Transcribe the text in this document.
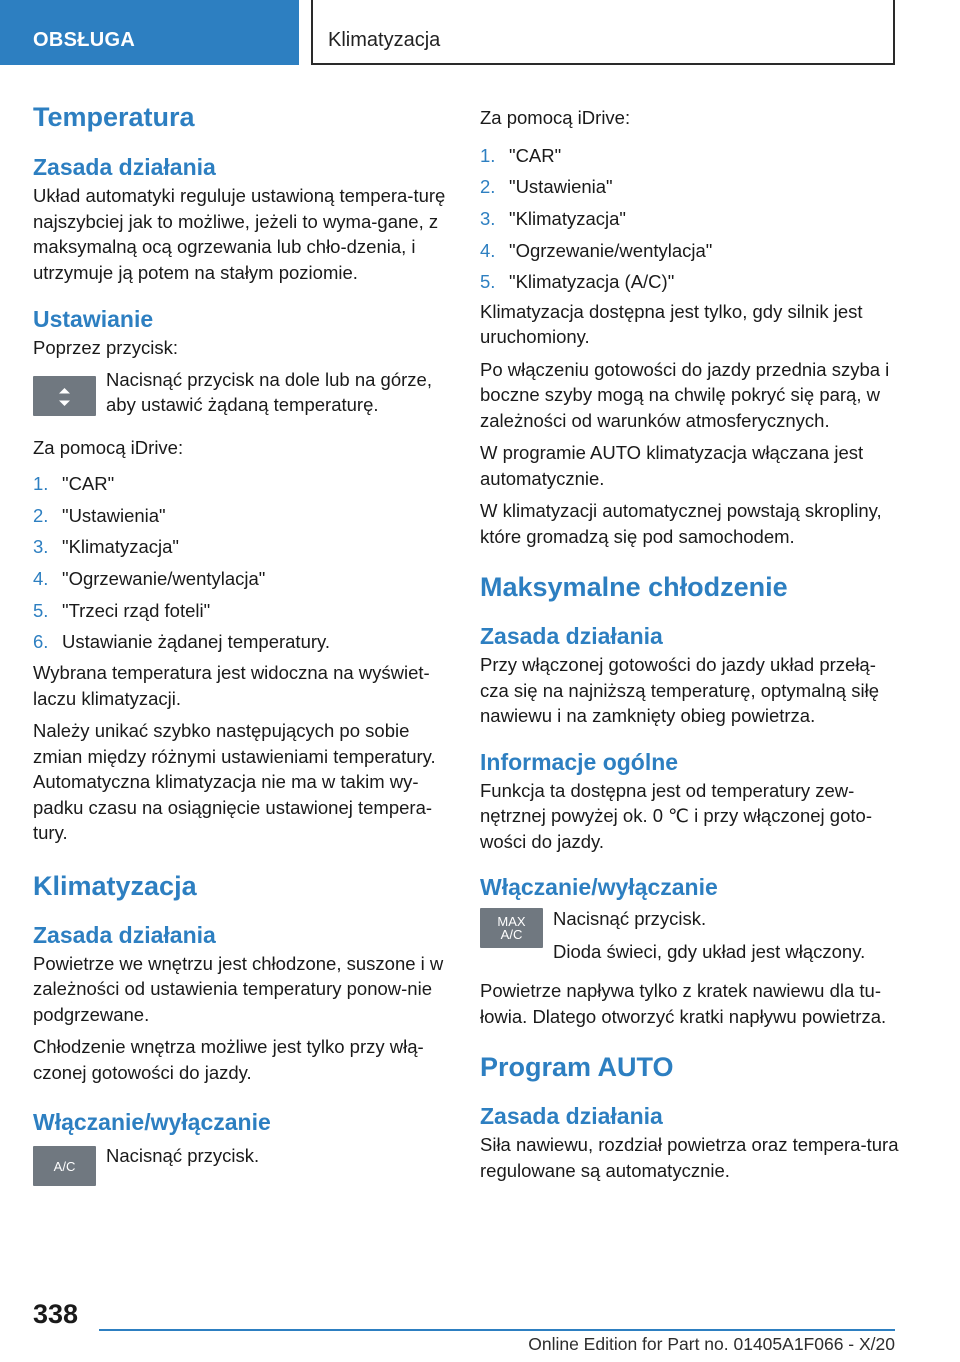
OBSŁUGA	Klimatyzacja
Temperatura
Zasada działania

Układ automatyki reguluje ustawioną tempera-turę najszybciej jak to możliwe, jeżeli to wyma-gane, z maksymalną ocą ogrzewania lub chło-dzenia, i utrzymuje ją potem na stałym poziomie.

Ustawianie

Poprzez przycisk:

Nacisnąć przycisk na dole lub na górze, aby ustawić żądaną temperaturę.

Za pomocą iDrive:

1. "CAR"
2. "Ustawienia"
3. "Klimatyzacja"
4. "Ogrzewanie/wentylacja"
5. "Trzeci rząd foteli"
6. Ustawianie żądanej temperatury.

Wybrana temperatura jest widoczna na wyświet-laczu klimatyzacji.

Należy unikać szybko następujących po sobie zmian między różnymi ustawieniami temperatury. Automatyczna klimatyzacja nie ma w takim wy-padku czasu na osiągnięcie ustawionej tempera-tury.

Klimatyzacja
Zasada działania

Powietrze we wnętrzu jest chłodzone, suszone i w zależności od ustawienia temperatury ponow-nie podgrzewane.

Chłodzenie wnętrza możliwe jest tylko przy włą-czonej gotowości do jazdy.

Włączanie/wyłączanie
A/C	Nacisnąć przycisk.

Za pomocą iDrive:

1. "CAR"
2. "Ustawienia"
3. "Klimatyzacja"
4. "Ogrzewanie/wentylacja"
5. "Klimatyzacja (A/C)"

Klimatyzacja dostępna jest tylko, gdy silnik jest uruchomiony.

Po włączeniu gotowości do jazdy przednia szyba i boczne szyby mogą na chwilę pokryć się parą, w zależności od warunków atmosferycznych.

W programie AUTO klimatyzacja włączana jest automatycznie.

W klimatyzacji automatycznej powstają skropliny, które gromadzą się pod samochodem.

Maksymalne chłodzenie
Zasada działania

Przy włączonej gotowości do jazdy układ przełą-cza się na najniższą temperaturę, optymalną siłę nawiewu i na zamknięty obieg powietrza.

Informacje ogólne

Funkcja ta dostępna jest od temperatury zew-nętrznej powyżej ok. 0 ℃ i przy włączonej goto-wości do jazdy.

Włączanie/wyłączanie
MAX
A/C

Nacisnąć przycisk.

Dioda świeci, gdy układ jest włączony.

Powietrze napływa tylko z kratek nawiewu dla tu-łowia. Dlatego otworzyć kratki napływu powietrza.

Program AUTO
Zasada działania

Siła nawiewu, rozdział powietrza oraz tempera-tura regulowane są automatycznie.

338
Online Edition for Part no. 01405A1F066 - X/20
